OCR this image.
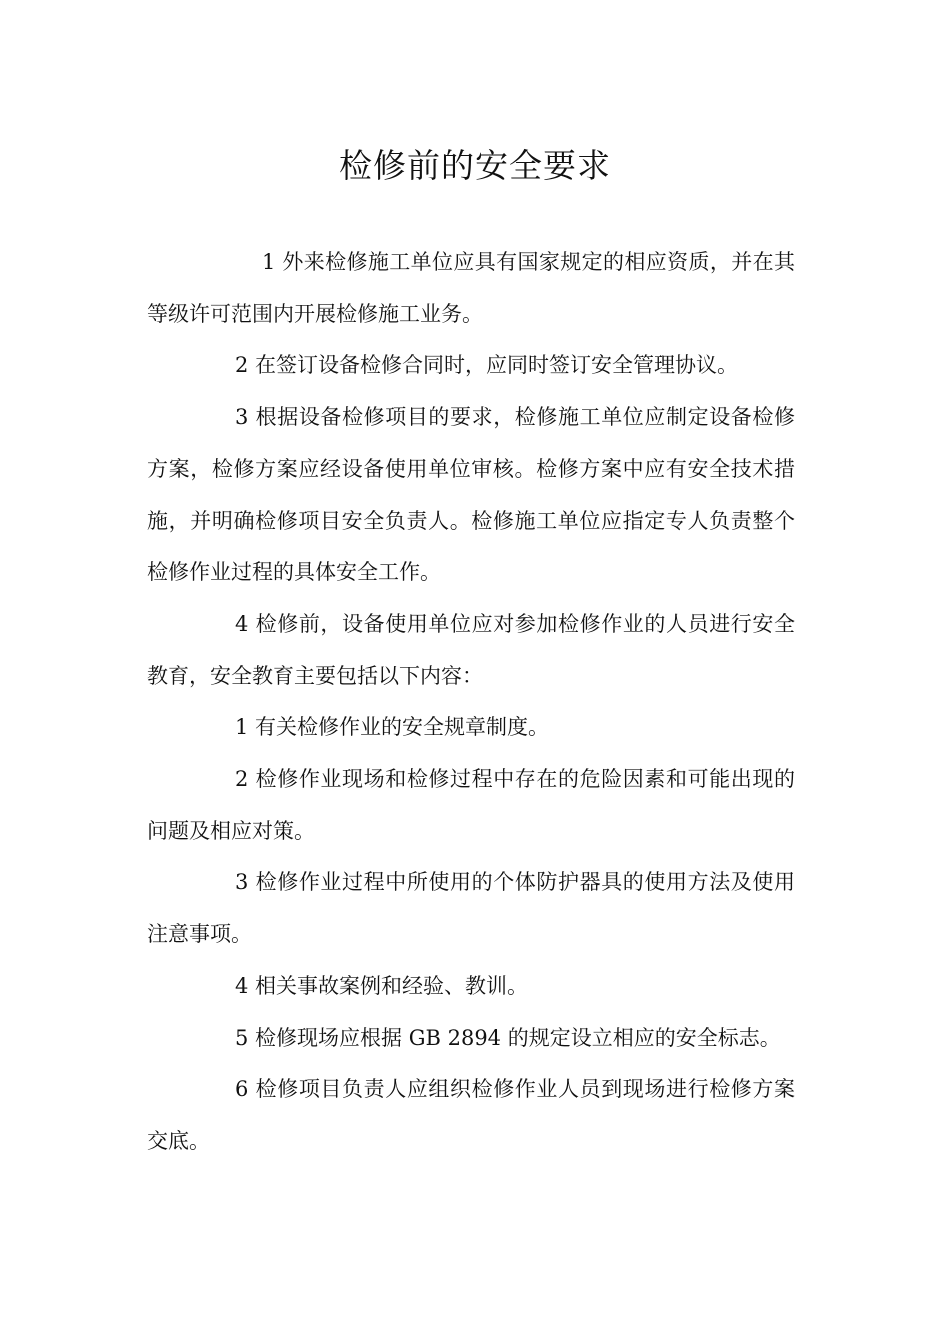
检修前的安全要求

1 外来检修施工单位应具有国家规定的相应资质，并在其等级许可范围内开展检修施工业务。

2 在签订设备检修合同时，应同时签订安全管理协议。

3 根据设备检修项目的要求，检修施工单位应制定设备检修方案，检修方案应经设备使用单位审核。检修方案中应有安全技术措施，并明确检修项目安全负责人。检修施工单位应指定专人负责整个检修作业过程的具体安全工作。

4 检修前，设备使用单位应对参加检修作业的人员进行安全教育，安全教育主要包括以下内容：

1 有关检修作业的安全规章制度。

2 检修作业现场和检修过程中存在的危险因素和可能出现的问题及相应对策。

3 检修作业过程中所使用的个体防护器具的使用方法及使用注意事项。

4 相关事故案例和经验、教训。

5 检修现场应根据 GB 2894 的规定设立相应的安全标志。

6 检修项目负责人应组织检修作业人员到现场进行检修方案交底。
